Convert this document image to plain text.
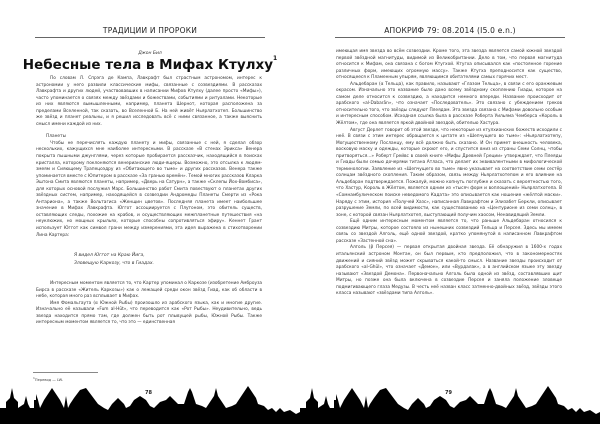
ТРАДИЦИИ И ПРОРОКИ
Джон Бил
Небесные тела в Мифах Ктулху$^1$

По словам Л. Спрэга де Кампа, Лавкрафт был страстным астрономом, интерес к астрономии у него развили классические мифы, связанные с созвездиями. В рассказах Лавкрафта и других людей, участвовавших в написании Мифов Ктулху (далее просто «Мифы»), часто упоминается о связях между звёздами и божествами, событиями и ритуалами. Некоторые из них являются вымышленными, например, планета Шернот, которая расположена за пределами Вселенной, так сказать, во Вселенной Б. На ней живёт Ньярлатхотеп. Большинство же звёзд и планет реальны, и я решил исследовать всё с ними связанное, а также выяснить смысл имени каждой из них.

Планеты

Чтобы не перечислять каждую планету и мифы, связанные с ней, я сделал обзор нескольких, кажущихся мне наиболее интересными. В рассказе «В стенах Эрикса» Венера покрыта пышными джунглями, через которые пробирается рассказчик, находящийся в поисках кристалла, которому поклоняются венерианские люди-ящеры. Возможно, это отсылка к людям-змеям и Сияющему Трапецоэдру из «Обитающего во тьме» и других рассказов. Венера также упоминается вместе с Юпитером в рассказе «За гранью времён». Темой многих рассказов Кларка Эштона Смита являются планеты, например, «Дверь на Сатурн», а также «Склепы Йох-Вомбиса», для которых основой послужил Марс. Большинство работ Смита повествуют о планетах других звёздных систем, например, находящейся в созвездии Андромеды Планеты Смерти из «Рока Антариона», а также Вольтагиса «Женщин цветов». Последняя планета имеет наибольшее значение в Мифах Лавкрафта. Юггот ассоциируется с Плутоном, это обитель существ, оставляющих следы, похожие на крабов, и осуществляющих межпланетные путешествия «на неуклюжих, но мощных крыльях, которые способны сопротивляться эфиру». Кеннет Грант использует Юггот как символ грани между измерениями, эта идея выражена в стихотворении Лина Картера:

Я видел Юггот на Краю Йига,
Зловещую Каркозу, что в Гиадах.

Интересным моментом является то, что Картер упоминал о Каркозе (изобретение Амброуза Бирса в рассказе «Житель Каркозы») как о лежащей среди окон звёзд Гиад, как об области в небе, которая много раз всплывает в Мифах.

Имя Фомальгаута (α Южной Рыбы) произошло из арабского языка, как и многие другие. Изначально её называли «Fum al-Hūt», что переводится как «Рот Рыбы». Неудивительно, ведь звезда находится прямо там, где должен быть рот плывущей рыбы, Южной Рыбы. Также интересным моментом является то, что это — единственная

$^1$Перевод — LW.
78
АПОКРИФ 79: 08.2014 (Ⅰ5.0 e.n.)

имеющая имя звезда во всём созвездии. Кроме того, эта звезда является самой южной звездой первой звёздной магнитуды, видимой из Великобритании. Дело в том, что первая магнитуда относится к Мифам, она связана с богом Ктугхой. Ктугха описывался как «постоянное горение различных форм, имеющих огромную массу». Также Ктугха преподносится как существо, относящееся к Пламенным упырям, являющимся обитателями самых горячих мест.

Альдебаран (α Тельца), как правило, называют «Глазом Тельца», в связи с его оранжевым окрасом. Изначально это название было дано всему звёздному скоплению Гиады, которое на самом деле относится к созвездию, а находится немного впереди. Название происходит от арабского «al-Dabarān», что означает «Последователь». Это связано с убеждением греков относительно того, что звёзды следуют Плеядам. Эта звезда связана с Мифами довольно особым и интересным способом. Исходная ссылка была в рассказе Роберта Уильяма Чемберса «Король в Жёлтом», где она является яркой двойной звездой, обителью Хастура.

Август Дерлет говорит об этой звезде, что некоторые из ктулхианских божеств исходили с неё. В связи с этим интерес обращается к цитате из «Шепчущего во тьме»: «Ньярлатхотепу, Могущественному Посланцу, ему всё должно быть сказано. И Он примет внешность человека, восковую маску и одежды, которые скроют его, и спустится вниз из страны Семи Солнц, чтобы притворяться...» Роберт Грейвс в своей книге «Мифы Древней Греции» утверждает, что Плеяды и Гиады были семью дочерями титана Атласа, что делает их эквивалентными в мифологической терминологии. Заявление из «Шепчущего во тьме» явно указывает на соответствие семи сестёр солнцам звёздного скопления. Таким образом, связь между Ньярлатхотепом и его влияние на Альдебаран подтверждается. Пожалуй, можно копнуть поглубже и сказать с вероятностью того, что Хастур, Король в Жёлтом, является одним из «тысяч форм и воплощений» Ньярлатхотепа. В «Сомнамбулическом поиске неведомого Кадата» это описывается как ношение «жёлтой маски». Наряду с этим, история «Получей Хазс», написанная Лавкрафтом и Элизабет Беркли, описывает разрушение Земли, по всей видимости, как существованию на «Центурионе из семи солнц», в зоне, с которой связан Ньярлатхотеп, выступающий получим хаосом, Ненавидящий Земли.

Ещё одним интересным моментом является то, что раньше Альдебаран относился к созвездию Митры, которое состояло из нынешних созвездий Тельца и Персея. Здесь мы имеем связь со звездой Алголь, ещё одной звездой, кратко упомянутой в написанном Лавкрафтом рассказе «Застенной сна».

Алголь (β Персея) — первая открытая двойная звезда. Её обнаружил в 1600-х годах итальянский астроном Монтан, он был первым, кто предположил, что в закономерностях движений и сияний звёзд может скрываться какой-то смысл. Название звезды происходит от арабского «al-Ghūl», что означает «Демон», или «Вурдалак», а в английском языке эту звезду называют «Звездой Демона». Первоначально Алголь была одной из звёзд, составлявших щит Митры, но позже она была включена в созвездие Персея и заняла положение зловеще подмигивающего глаза Медузы. В честь неё назван класс затменно-двойных звёзд, звёзды этого класса называют «звёздами типа Алголь».

79
